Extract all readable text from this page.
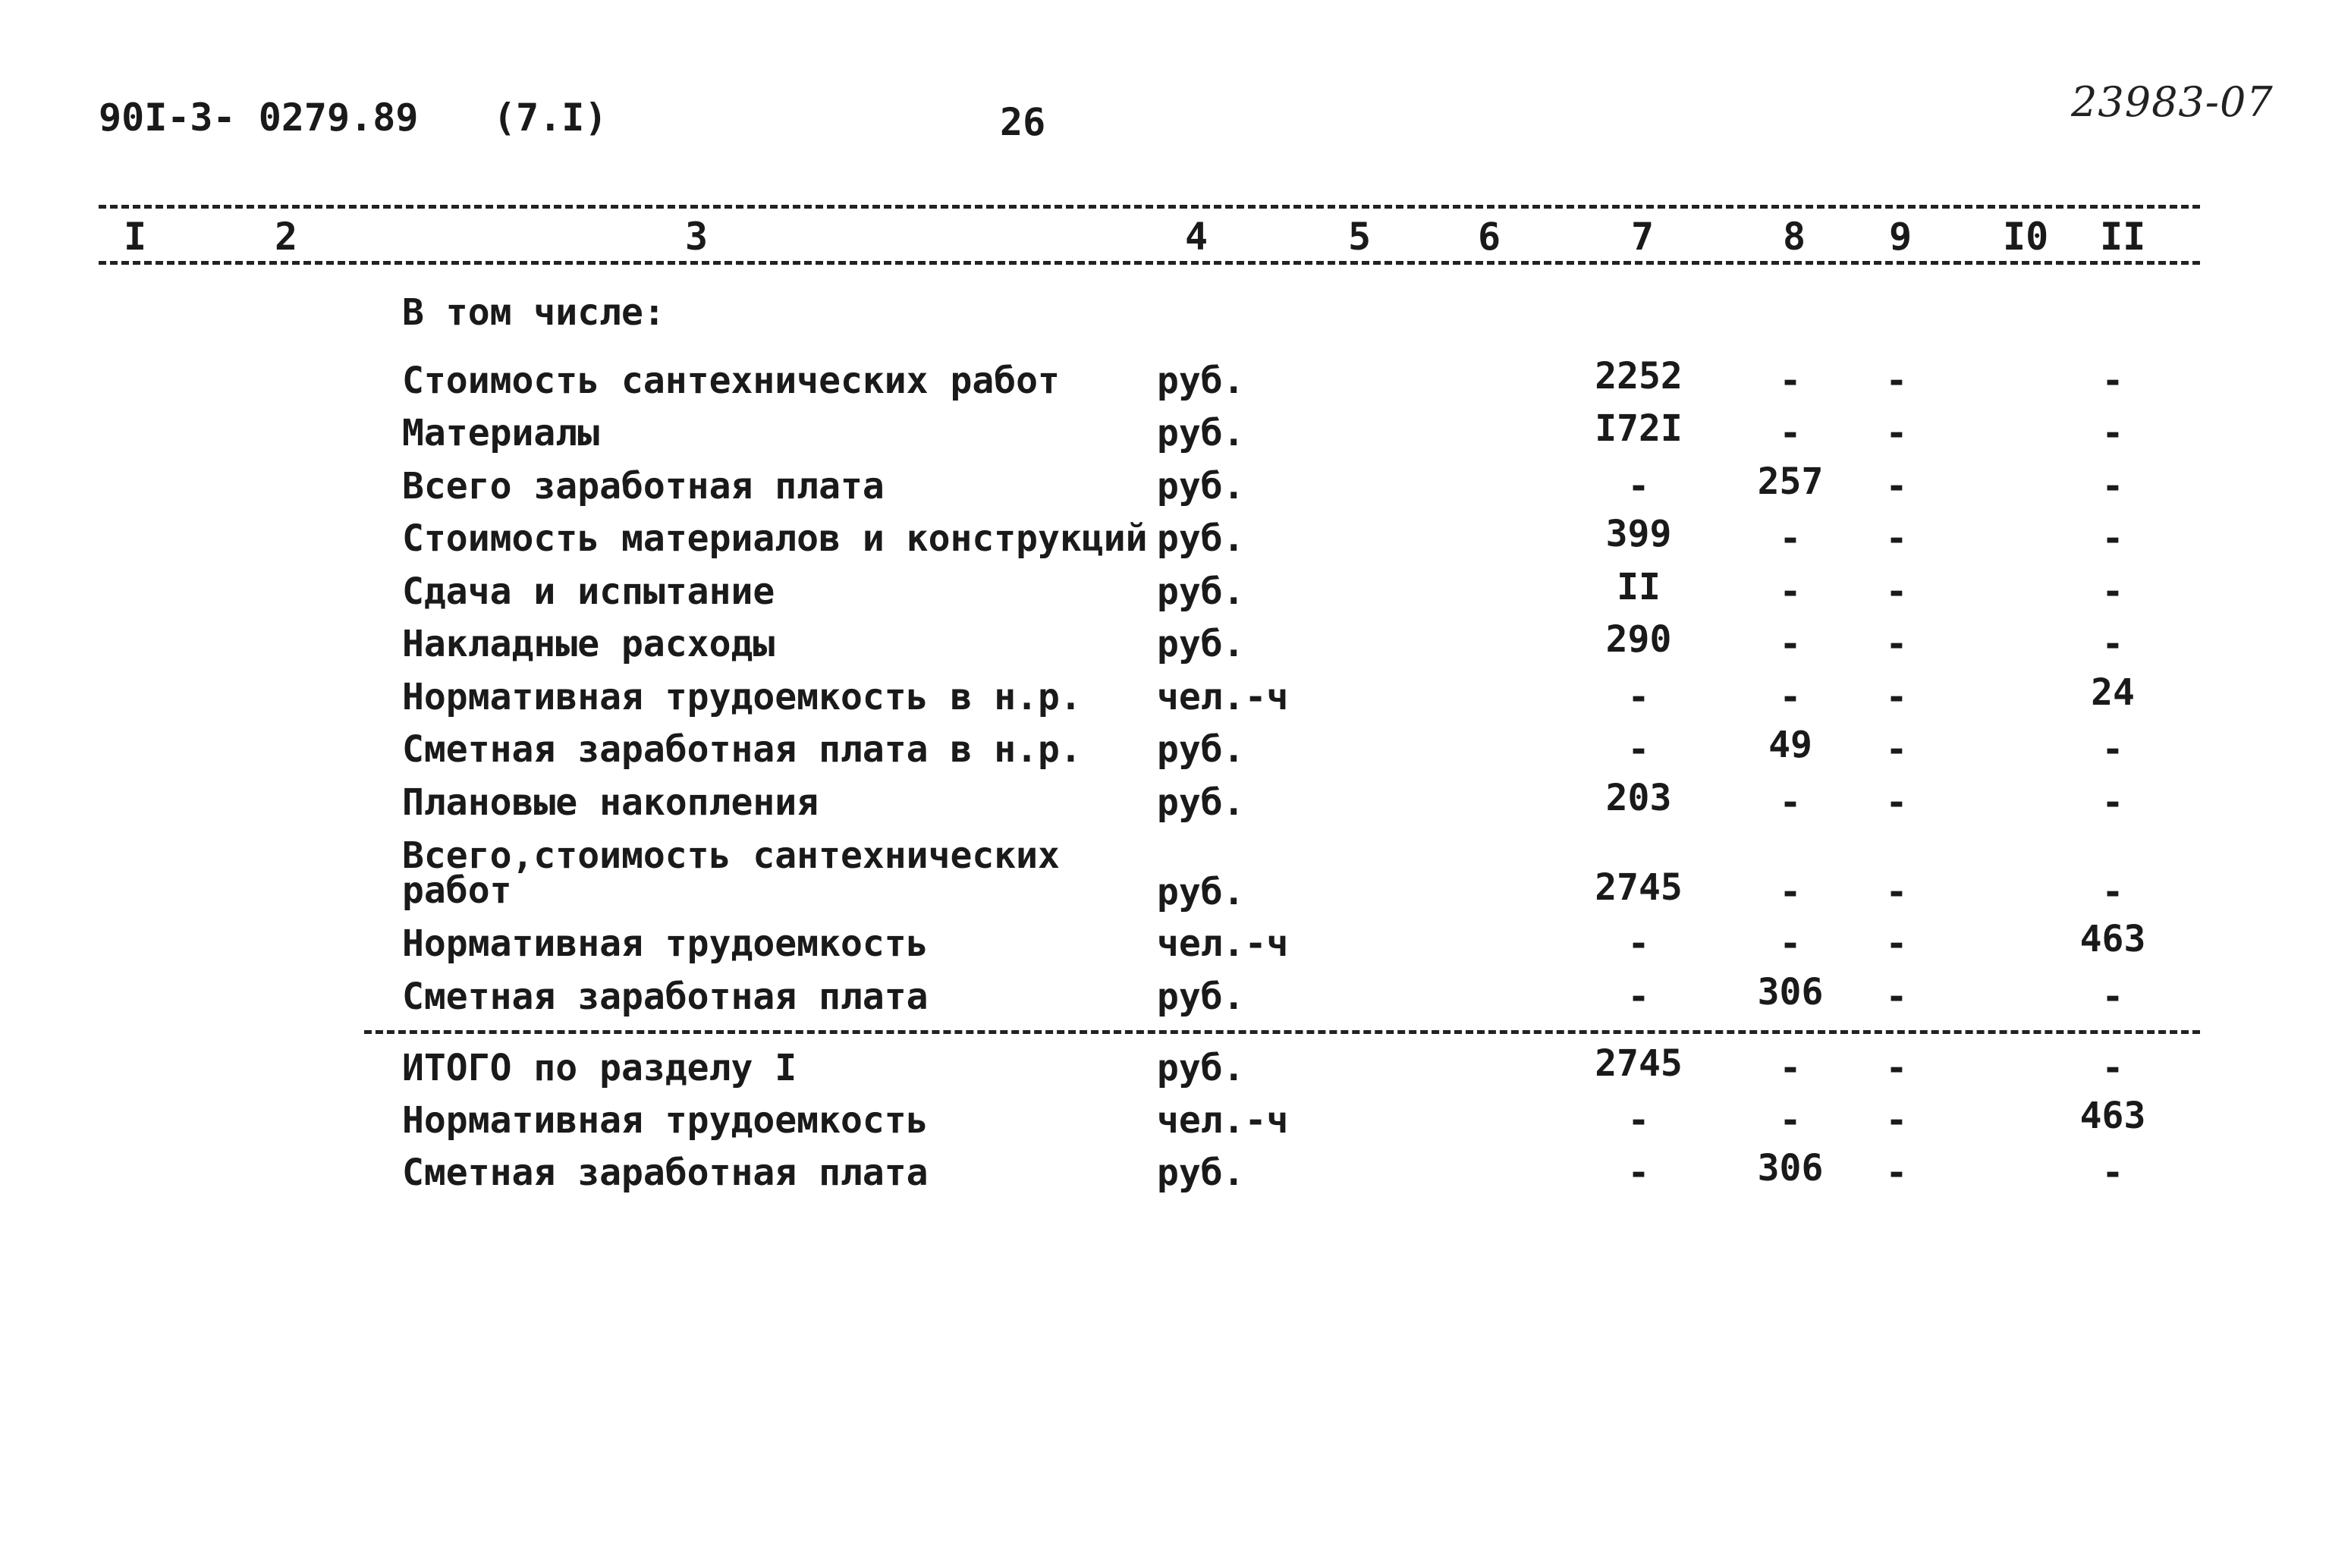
90I-3- 0279.89 (7.I)	26	23983-07
I	2	3	4	5	6	7	8 9 I0 II
В том числе:
Стоимость сантехнических работ	руб.	2252	-	-	-
Материалы	руб.	I72I	-	-	-
Всего заработная плата	руб.	-	257	-	-
Стоимость материалов и конструкций руб.	399	-	-	-
Сдача и испытание	руб.	II	-	-	-
Накладные расходы	руб.	290	-	-	-
Нормативная трудоемкость в н.р. чел.-ч	-	-	-	24
Сметная заработная плата в н.р. руб.	-	49	-	-
Плановые накопления	руб.	203	-	-	-
Всего,стоимость сантехнических
работ	руб.	2745	-	-	-
Нормативная трудоемкость	чел.-ч	-	-	-	463
Сметная заработная плата	руб.	-	306	-	-
ИТОГО по разделу I	руб.	2745	-	-	-
Нормативная трудоемкость	чел.-ч	-	-	-	463
Сметная заработная плата	руб.	-	306	-	-
